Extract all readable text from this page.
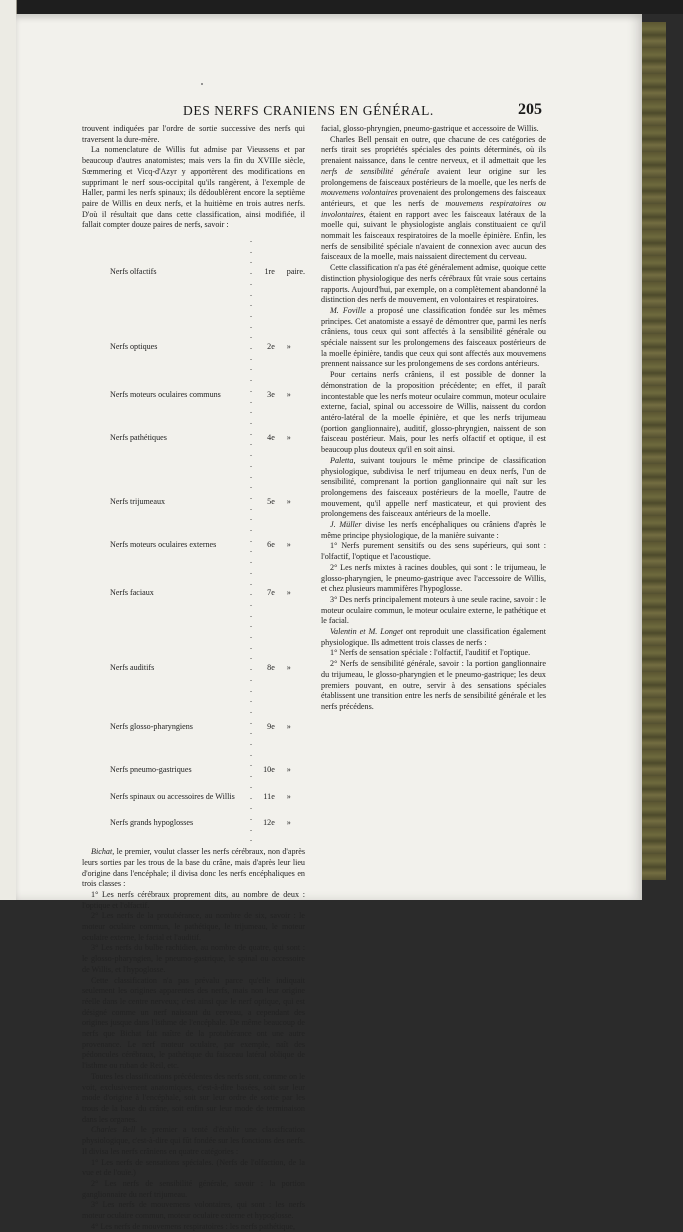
DES NERFS CRANIENS EN GÉNÉRAL.	205

trouvent indiquées par l'ordre de sortie successive des nerfs qui traversent la dure-mère.

La nomenclature de Willis fut admise par Vieussens et par beaucoup d'autres anatomistes; mais vers la fin du XVIIIe siècle, Sœmmering et Vicq-d'Azyr y apportèrent des modifications en supprimant le nerf sous-occipital qu'ils rangèrent, à l'exemple de Haller, parmi les nerfs spinaux; ils dédoublèrent encore la septième paire de Willis en deux nerfs, et la huitième en trois autres nerfs. D'où il résultait que dans cette classification, ainsi modifiée, il fallait compter douze paires de nerfs, savoir :

Nerfs olfactifs	. . . . . . .	1re	paire.
Nerfs optiques	. . . . . . .	2e	»
Nerfs moteurs oculaires communs	. .	3e	»
Nerfs pathétiques	. . . . . .	4e	»
Nerfs trijumeaux	. . . . . .	5e	»
Nerfs moteurs oculaires externes	. .	6e	»
Nerfs faciaux	. . . . . . .	7e	»
Nerfs auditifs	. . . . . . .	8e	»
Nerfs glosso-pharyngiens	. . . .	9e	»
Nerfs pneumo-gastriques	. . . .	10e	»
Nerfs spinaux ou accessoires de Willis	.	11e	»
Nerfs grands hypoglosses	. . . .	12e	»

Bichat, le premier, voulut classer les nerfs cérébraux, non d'après leurs sorties par les trous de la base du crâne, mais d'après leur lieu d'origine dans l'encéphale; il divisa donc les nerfs encéphaliques en trois classes :

1° Les nerfs cérébraux proprement dits, au nombre de deux : l'optique et l'olfactif.

2° Les nerfs de la protubérance, au nombre de six, savoir : le moteur oculaire commun, le pathétique, le trijumeau, le moteur oculaire externe, le facial et l'auditif.

3° Les nerfs du bulbe rachidien, au nombre de quatre, qui sont : le glosso-pharyngien, le pneumo-gastrique, le spinal ou accessoire de Willis, et l'hypoglosse.

Cette classification n'a pas prévalu parce qu'elle indiquait seulement les origines apparentes des nerfs, mais non leur origine réelle dans le centre nerveux; c'est ainsi que le nerf optique, qui est désigné comme un nerf naissant du cerveau, a cependant des origines jusque dans l'isthme de l'encéphale. De même beaucoup de nerfs que Bichat fait naître de la protubérance ont une autre provenance. Le nerf moteur oculaire, par exemple, naît des pédoncules cérébraux, le pathétique du faisceau latéral oblique de l'isthme ou ruban de Reil, etc.

Toutes les classifications précédentes des nerfs sont, comme on le voit, exclusivement anatomiques, c'est-à-dire basées, soit sur leur mode d'origine à l'encéphale, soit sur leur ordre de sortie par les trous de la base du crâne, soit enfin sur leur mode de terminaison dans les organes.

Charles Bell le premier a tenté d'établir une classification physiologique, c'est-à-dire qui fût fondée sur les fonctions des nerfs. Il divisa les nerfs crâniens en quatre catégories :

1° Les nerfs de sensations spéciales. (Nerfs de l'olfaction, de la vue et de l'ouïe.)

2° Les nerfs de sensibilité générale, savoir : la portion ganglionnaire du nerf trijumeau.

3° Les nerfs de mouvemens volontaires, qui sont : les nerfs moteur oculaire commun, moteur oculaire externe et hypoglosse.

4° Les nerfs de mouvemens respiratoires : les nerfs pathétique,

facial, glosso-phryngien, pneumo-gastrique et accessoire de Willis.

Charles Bell pensait en outre, que chacune de ces catégories de nerfs tirait ses propriétés spéciales des points déterminés, où ils prenaient naissance, dans le centre nerveux, et il admettait que les nerfs de sensibilité générale avaient leur origine sur les prolongemens de faisceaux postérieurs de la moelle, que les nerfs de mouvemens volontaires provenaient des prolongemens des faisceaux antérieurs, et que les nerfs de mouvemens respiratoires ou involontaires, étaient en rapport avec les faisceaux latéraux de la moelle qui, suivant le physiologiste anglais constituaient ce qu'il nommait les faisceaux respiratoires de la moelle épinière. Enfin, les nerfs de sensibilité spéciale n'avaient de connexion avec aucun des faisceaux de la moelle, mais naissaient directement du cerveau.

Cette classification n'a pas été généralement admise, quoique cette distinction physiologique des nerfs cérébraux fût vraie sous certains rapports. Aujourd'hui, par exemple, on a complètement abandonné la distinction des nerfs de mouvement, en volontaires et respiratoires.

M. Foville a proposé une classification fondée sur les mêmes principes. Cet anatomiste a essayé de démontrer que, parmi les nerfs crâniens, tous ceux qui sont affectés à la sensibilité générale ou spéciale naissent sur les prolongemens des faisceaux postérieurs de la moelle épinière, tandis que ceux qui sont affectés aux mouvemens prennent naissance sur les prolongemens de ses cordons antérieurs.

Pour certains nerfs crâniens, il est possible de donner la démonstration de la proposition précédente; en effet, il paraît incontestable que les nerfs moteur oculaire commun, moteur oculaire externe, facial, spinal ou accessoire de Willis, naissent du cordon antéro-latéral de la moelle épinière, et que les nerfs trijumeau (portion ganglionnaire), auditif, glosso-phryngien, naissent de son faisceau postérieur. Mais, pour les nerfs olfactif et optique, il est beaucoup plus douteux qu'il en soit ainsi.

Paletta, suivant toujours le même principe de classification physiologique, subdivisa le nerf trijumeau en deux nerfs, l'un de sensibilité, comprenant la portion ganglionnaire qui naît sur les prolongemens des faisceaux postérieurs de la moelle, l'autre de mouvement, qu'il appelle nerf masticateur, et qui provient des prolongemens des faisceaux antérieurs de la moelle.

J. Müller divise les nerfs encéphaliques ou crâniens d'après le même principe physiologique, de la manière suivante :

1° Nerfs purement sensitifs ou des sens supérieurs, qui sont : l'olfactif, l'optique et l'acoustique.

2° Les nerfs mixtes à racines doubles, qui sont : le trijumeau, le glosso-pharyngien, le pneumo-gastrique avec l'accessoire de Willis, et chez plusieurs mammifères l'hypoglosse.

3° Des nerfs principalement moteurs à une seule racine, savoir : le moteur oculaire commun, le moteur oculaire externe, le pathétique et le facial.

Valentin et M. Longet ont reproduit une classification également physiologique. Ils admettent trois classes de nerfs :

1° Nerfs de sensation spéciale : l'olfactif, l'auditif et l'optique.

2° Nerfs de sensibilité générale, savoir : la portion ganglionnaire du trijumeau, le glosso-pharyngien et le pneumo-gastrique; les deux premiers pouvant, en outre, servir à des sensations spéciales établissent une transition entre les nerfs de sensibilité générale et les nerfs précédens.
